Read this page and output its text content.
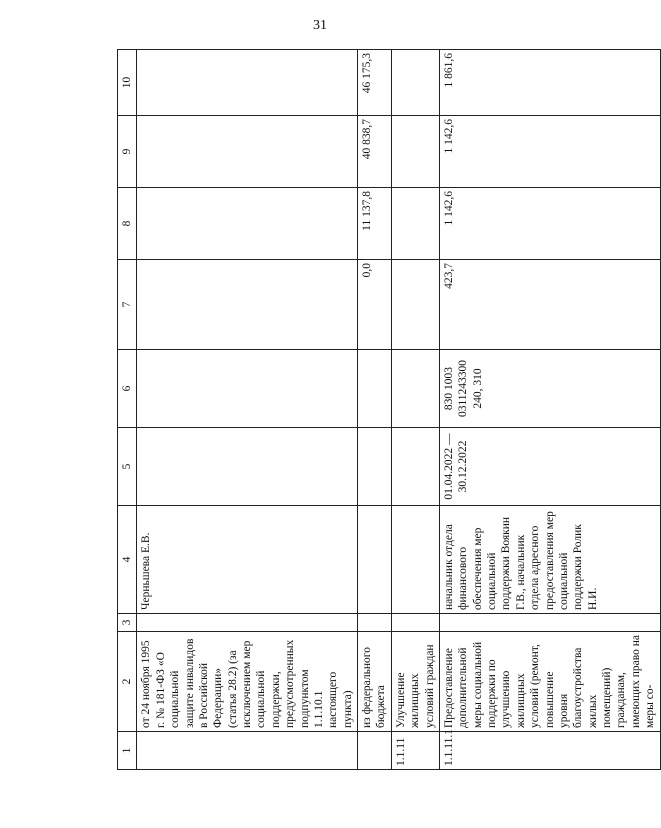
31
1	2	3	4	5	6	7	8	9	10
	от 24 ноября 1995 г. № 181-ФЗ «О социальной защите инвалидов в Российской Федерации» (статья 28.2) (за исключением мер социальной поддержки, предусмотренных подпунктом 1.1.10.1 настоящего пункта)		Черньшева Е.В.						
	из федерального бюджета					0,0	11 137,8	40 838,7	46 175,3
1.1.11	Улучшение жилищных условий граждан								
1.1.11.1	Предоставление дополнительной меры социальной поддержки по улучшению жилищных условий (ремонт, повышение уровня благоустройства жилых помещений) гражданам, имеющих право на меры со-		начальник отдела финансового обеспечения мер социальной поддержки Воякин Г.В., начальник отдела адресного предоставления мер социальной поддержки Ролик Н.И.	01.04.2022 — 30.12.2022	830 1003 0311243300 240, 310	423,7	1 142,6	1 142,6	1 861,6
